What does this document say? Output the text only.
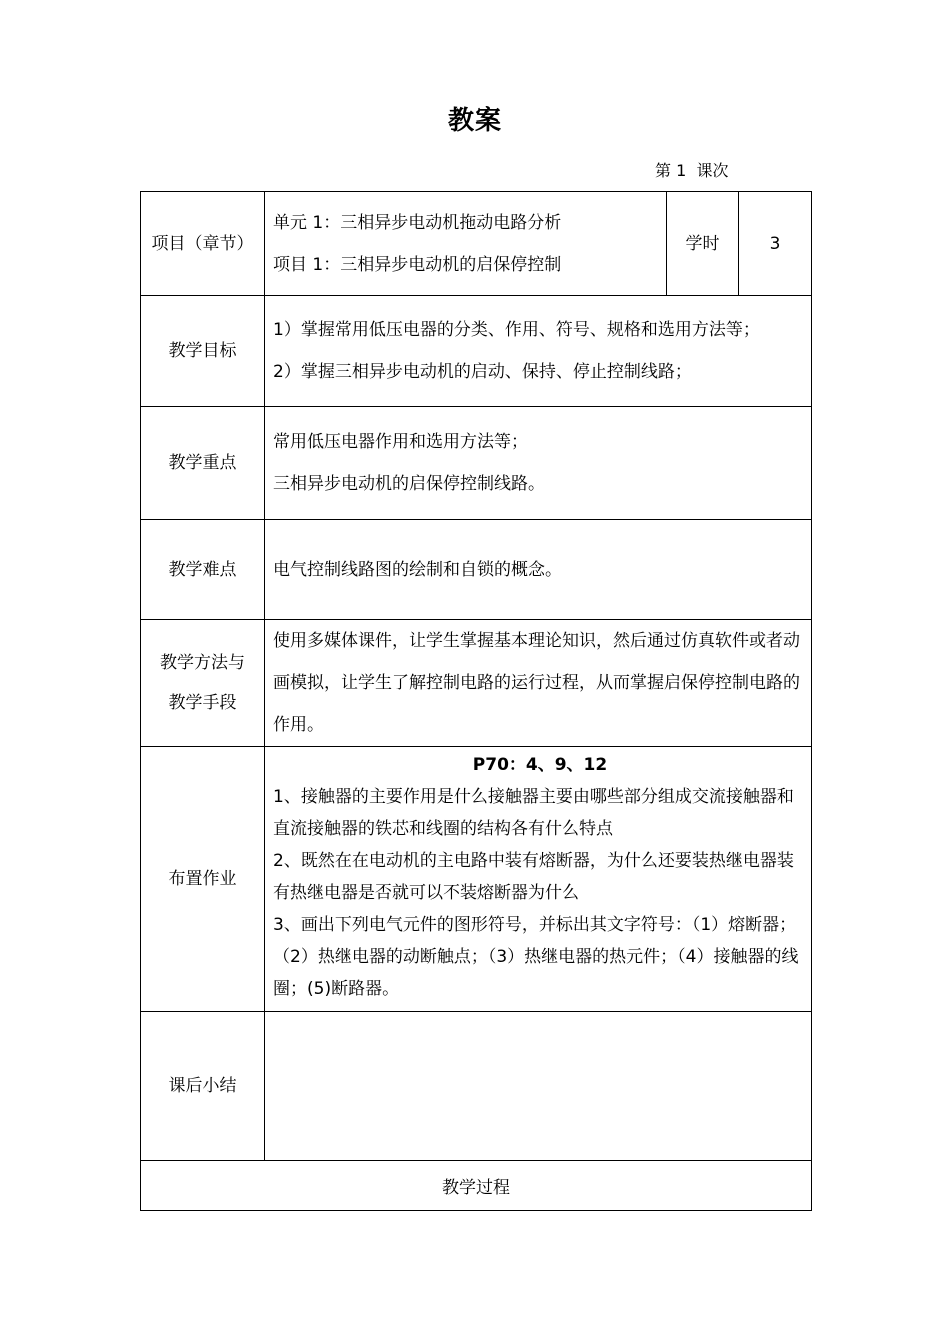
教案
第 1  课次
项目（章节）	单元 1：三相异步电动机拖动电路分析
项目 1：三相异步电动机的启保停控制	学时	3
教学目标	1）掌握常用低压电器的分类、作用、符号、规格和选用方法等；
2）掌握三相异步电动机的启动、保持、停止控制线路；		

教学重点	常用低压电器作用和选用方法等；
三相异步电动机的启保停控制线路。		

教学难点	电气控制线路图的绘制和自锁的概念。		

教学方法与
教学手段	使用多媒体课件，让学生掌握基本理论知识，然后通过仿真软件或者动画模拟，让学生了解控制电路的运行过程，从而掌握启保停控制电路的作用。		

布置作业	P70：4、9、12
1、接触器的主要作用是什么接触器主要由哪些部分组成交流接触器和直流接触器的铁芯和线圈的结构各有什么特点
2、既然在在电动机的主电路中装有熔断器，为什么还要装热继电器装有热继电器是否就可以不装熔断器为什么
3、画出下列电气元件的图形符号，并标出其文字符号：（1）熔断器；（2）热继电器的动断触点；（3）热继电器的热元件；（4）接触器的线圈；(5)断路器。		

课后小结			
教学过程			
